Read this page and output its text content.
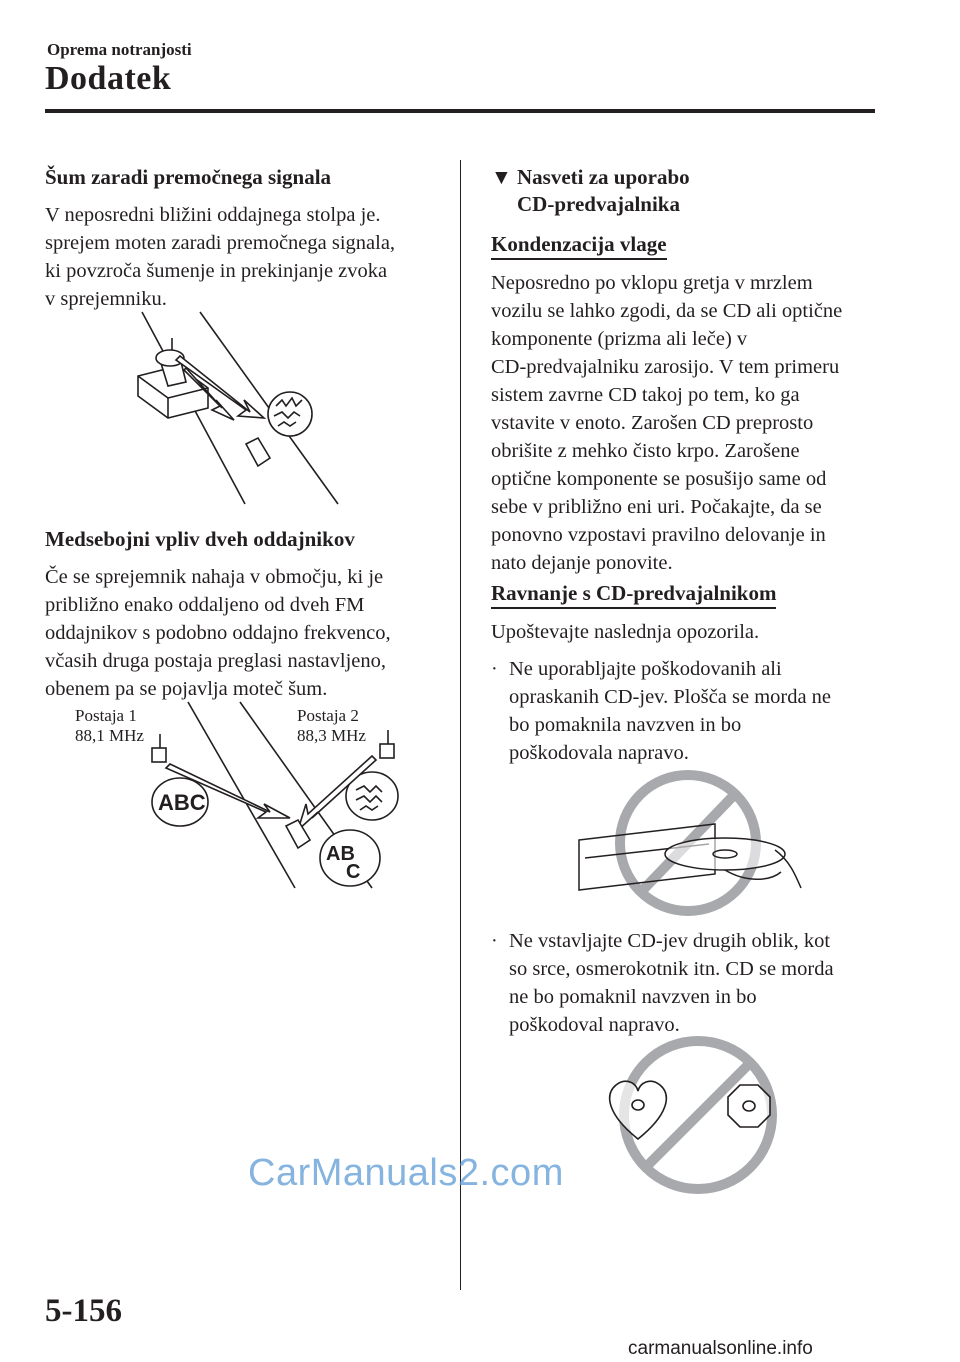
Oprema notranjosti
Dodatek
Šum zaradi premočnega signala
V neposredni bližini oddajnega stolpa je.
sprejem moten zaradi premočnega signala,
ki povzroča šumenje in prekinjanje zvoka
v sprejemniku.
Medsebojni vpliv dveh oddajnikov
Če se sprejemnik nahaja v območju, ki je
približno enako oddaljeno od dveh FM
oddajnikov s podobno oddajno frekvenco,
včasih druga postaja preglasi nastavljeno,
obenem pa se pojavlja moteč šum.
Postaja 1
88,1 MHz
Postaja 2
88,3 MHz
ABC
AB
C
▼ Nasveti za uporabo
CD-predvajalnika
Kondenzacija vlage
Neposredno po vklopu gretja v mrzlem
vozilu se lahko zgodi, da se CD ali optične
komponente (prizma ali leče) v
CD-predvajalniku zarosijo. V tem primeru
sistem zavrne CD takoj po tem, ko ga
vstavite v enoto. Zarošen CD preprosto
obrišite z mehko čisto krpo. Zarošene
optične komponente se posušijo same od
sebe v približno eni uri. Počakajte, da se
ponovno vzpostavi pravilno delovanje in
nato dejanje ponovite.
Ravnanje s CD-predvajalnikom
Upoštevajte naslednja opozorila.
· Ne uporabljajte poškodovanih ali
opraskanih CD-jev. Plošča se morda ne
bo pomaknila navzven in bo
poškodovala napravo.
· Ne vstavljajte CD-jev drugih oblik, kot
so srce, osmerokotnik itn. CD se morda
ne bo pomaknil navzven in bo
poškodoval napravo.
5-156
CarManuals2.com
carmanualsonline.info
